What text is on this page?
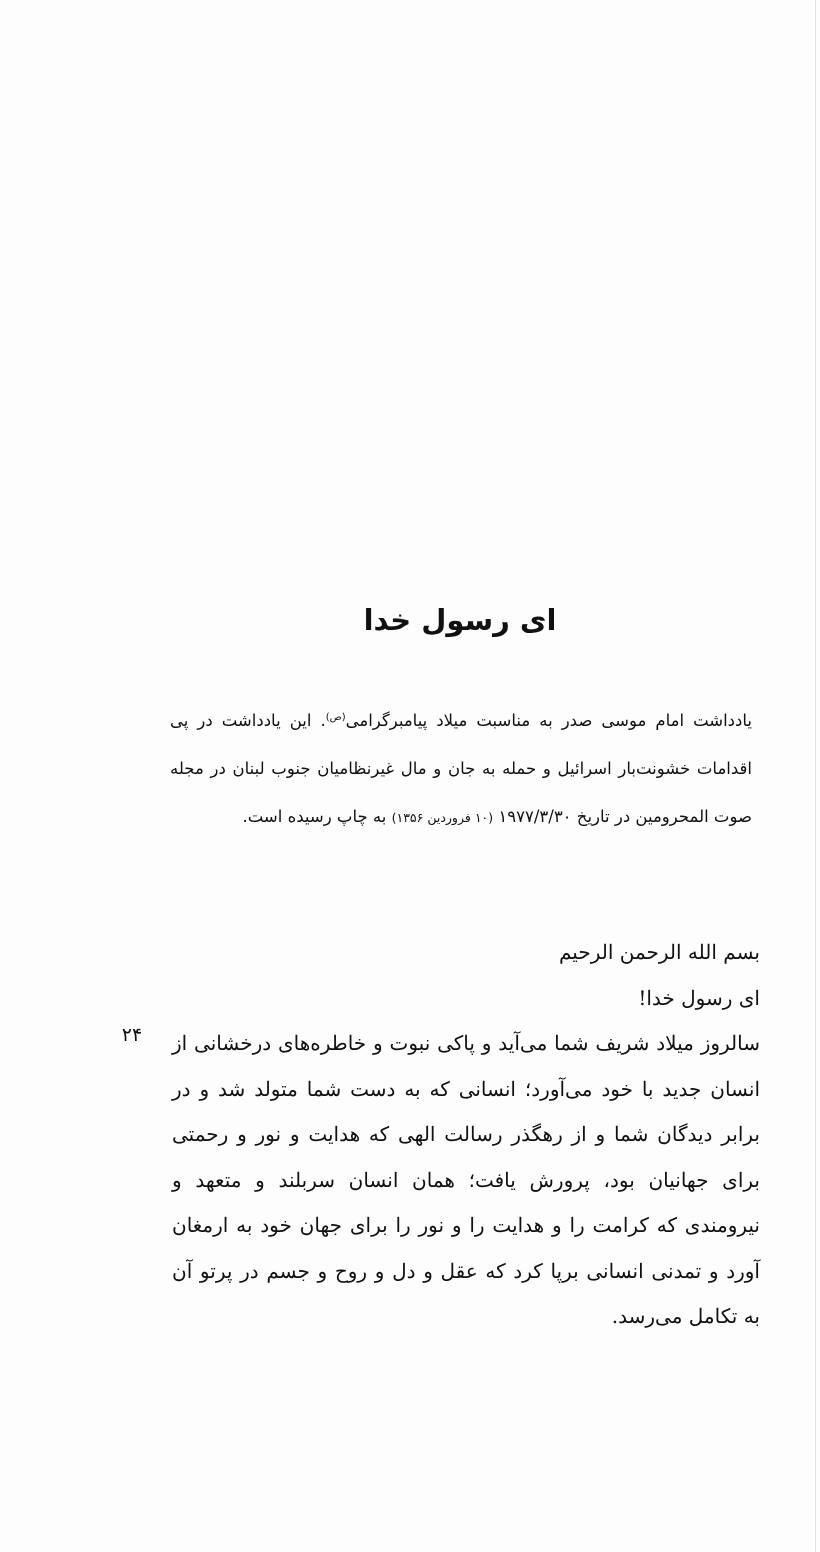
ای رسول خدا
یادداشت امام موسی صدر به مناسبت میلاد پیامبرگرامی$^{(ص)}$. این یادداشت در پی اقدامات خشونت‌بار اسرائیل و حمله به جان و مال غیرنظامیان جنوب لبنان در مجله صوت المحرومین در تاریخ ۱۹۷۷/۳/۳۰ (۱۰ فروردین ۱۳۵۶) به چاپ رسیده است.
بسم الله الرحمن الرحیم
ای رسول خدا!
سالروز میلاد شریف شما می‌آید و پاکی نبوت و خاطره‌های درخشانی از انسان جدید با خود می‌آورد؛ انسانی که به دست شما متولد شد و در برابر دیدگان شما و از رهگذر رسالت الهی که هدایت و نور و رحمتی برای جهانیان بود، پرورش یافت؛ همان انسان سربلند و متعهد و نیرومندی که کرامت را و هدایت را و نور را برای جهان خود به ارمغان آورد و تمدنی انسانی برپا کرد که عقل و دل و روح و جسم در پرتو آن به تکامل می‌رسد.
۲۴
